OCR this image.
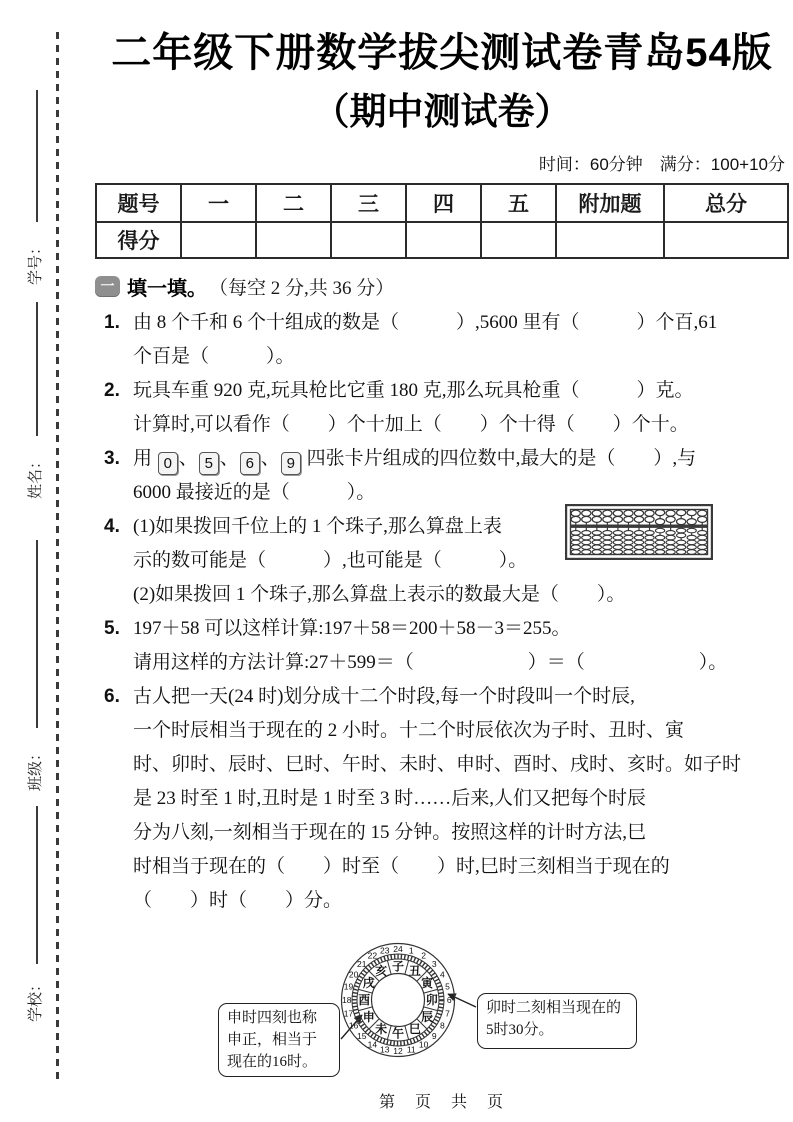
学号：
姓名：
班级：
学校：
二年级下册数学拔尖测试卷青岛54版
（期中测试卷）
时间：60分钟　满分：100+10分
题号	一	二	三	四	五	附加题	总分
得分							
一 填一填。 （每空 2 分,共 36 分）
1. 由 8 个千和 6 个十组成的数是（　　　）,5600 里有（　　　）个百,61
个百是（　　　）。
2. 玩具车重 920 克,玩具枪比它重 180 克,那么玩具枪重（　　　）克。
计算时,可以看作（　　）个十加上（　　）个十得（　　）个十。
3. 用 0 、 5 、 6 、 9 四张卡片组成的四位数中,最大的是（　　）,与
6000 最接近的是（　　　）。
4. (1)如果拨回千位上的 1 个珠子,那么算盘上表
示的数可能是（　　　）,也可能是（　　　）。
(2)如果拨回 1 个珠子,那么算盘上表示的数最大是（　　）。
5. 197＋58 可以这样计算:197＋58＝200＋58－3＝255。
请用这样的方法计算:27＋599＝（　　　　　　）＝（　　　　　　）。
6. 古人把一天(24 时)划分成十二个时段,每一个时段叫一个时辰,
一个时辰相当于现在的 2 小时。十二个时辰依次为子时、丑时、寅
时、卯时、辰时、巳时、午时、未时、申时、酉时、戌时、亥时。如子时
是 23 时至 1 时,丑时是 1 时至 3 时……后来,人们又把每个时辰
分为八刻,一刻相当于现在的 15 分钟。按照这样的计时方法,巳
时相当于现在的（　　）时至（　　）时,巳时三刻相当于现在的
（　　）时（　　）分。
1
2
3
4
5
6
7
8
9
10
11
12
13
14
15
16
17
18
19
20
21
22
23 24
子 丑
寅
卯
辰
巳
午
未
申
酉
戌
亥
申时四刻也称申正，相当于现在的16时。
卯时二刻相当现在的5时30分。
第　页　共　页
